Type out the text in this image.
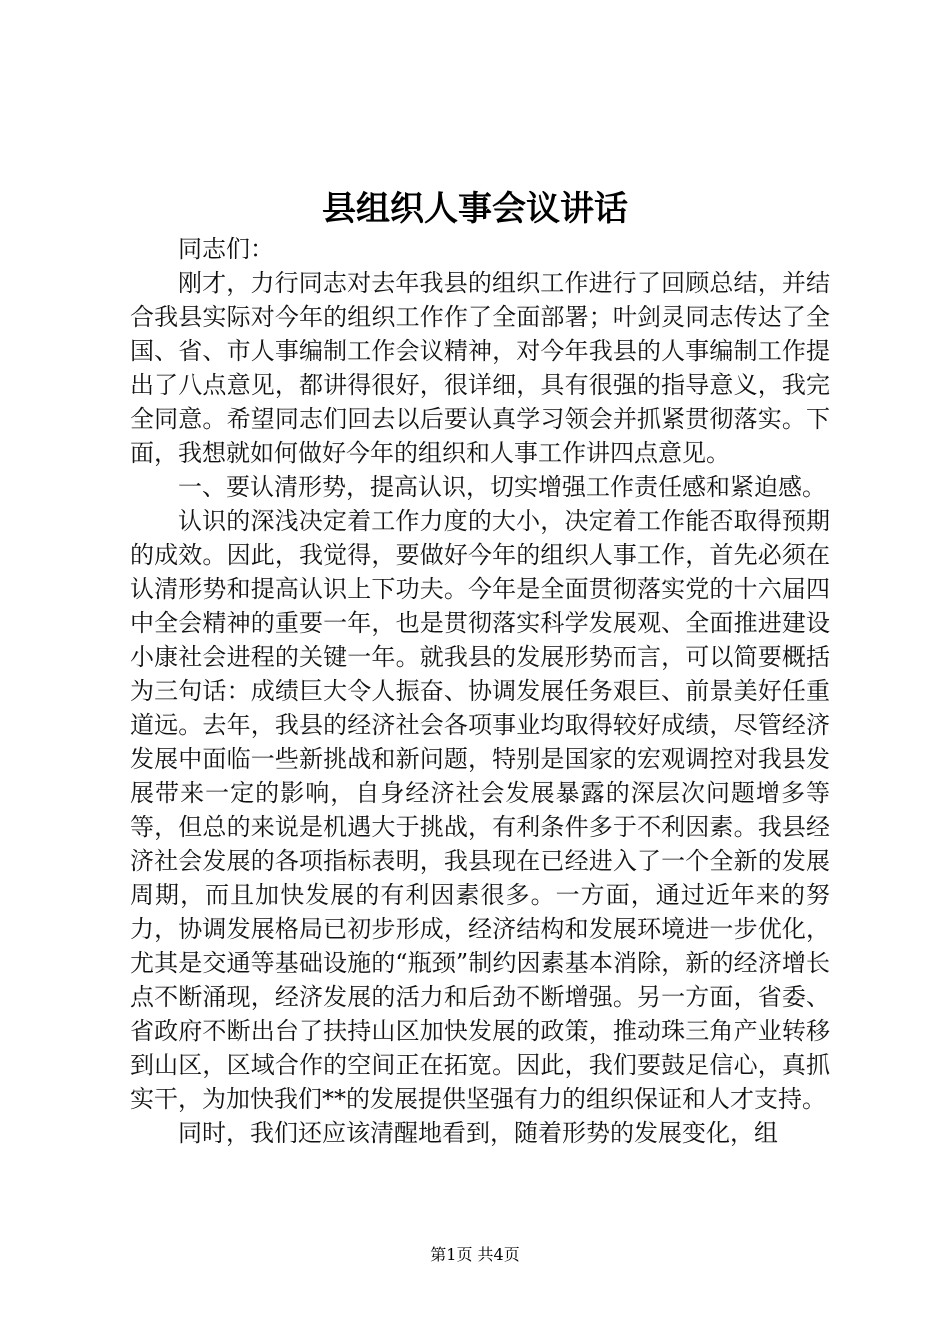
县组织人事会议讲话

同志们：

刚才，力行同志对去年我县的组织工作进行了回顾总结，并结合我县实际对今年的组织工作作了全面部署；叶剑灵同志传达了全国、省、市人事编制工作会议精神，对今年我县的人事编制工作提出了八点意见，都讲得很好，很详细，具有很强的指导意义，我完全同意。希望同志们回去以后要认真学习领会并抓紧贯彻落实。下面，我想就如何做好今年的组织和人事工作讲四点意见。

一、要认清形势，提高认识，切实增强工作责任感和紧迫感。

认识的深浅决定着工作力度的大小，决定着工作能否取得预期的成效。因此，我觉得，要做好今年的组织人事工作，首先必须在认清形势和提高认识上下功夫。今年是全面贯彻落实党的十六届四中全会精神的重要一年，也是贯彻落实科学发展观、全面推进建设小康社会进程的关键一年。就我县的发展形势而言，可以简要概括为三句话：成绩巨大令人振奋、协调发展任务艰巨、前景美好任重道远。去年，我县的经济社会各项事业均取得较好成绩，尽管经济发展中面临一些新挑战和新问题，特别是国家的宏观调控对我县发展带来一定的影响，自身经济社会发展暴露的深层次问题增多等等，但总的来说是机遇大于挑战，有利条件多于不利因素。我县经济社会发展的各项指标表明，我县现在已经进入了一个全新的发展周期，而且加快发展的有利因素很多。一方面，通过近年来的努力，协调发展格局已初步形成，经济结构和发展环境进一步优化，尤其是交通等基础设施的“瓶颈”制约因素基本消除，新的经济增长点不断涌现，经济发展的活力和后劲不断增强。另一方面，省委、省政府不断出台了扶持山区加快发展的政策，推动珠三角产业转移到山区，区域合作的空间正在拓宽。因此，我们要鼓足信心，真抓实干，为加快我们**的发展提供坚强有力的组织保证和人才支持。

同时，我们还应该清醒地看到，随着形势的发展变化，组

第1页 共4页
